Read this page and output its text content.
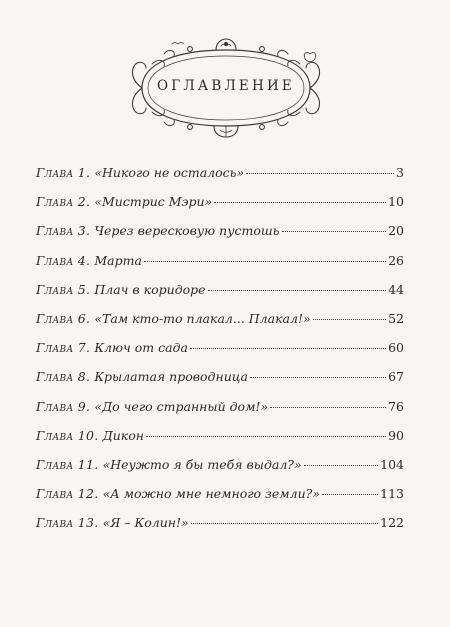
ОГЛАВЛЕНИЕ
Глава 1. «Никого не осталось»	3
Глава 2. «Мистрис Мэри»	10
Глава 3. Через вересковую пустошь	20
Глава 4. Марта	26
Глава 5. Плач в коридоре	44
Глава 6. «Там кто-то плакал... Плакал!»	52
Глава 7. Ключ от сада	60
Глава 8. Крылатая проводница	67
Глава 9. «До чего странный дом!»	76
Глава 10. Дикон	90
Глава 11. «Неужто я бы тебя выдал?»	104
Глава 12. «А можно мне немного земли?»	113
Глава 13. «Я – Колин!»	122
